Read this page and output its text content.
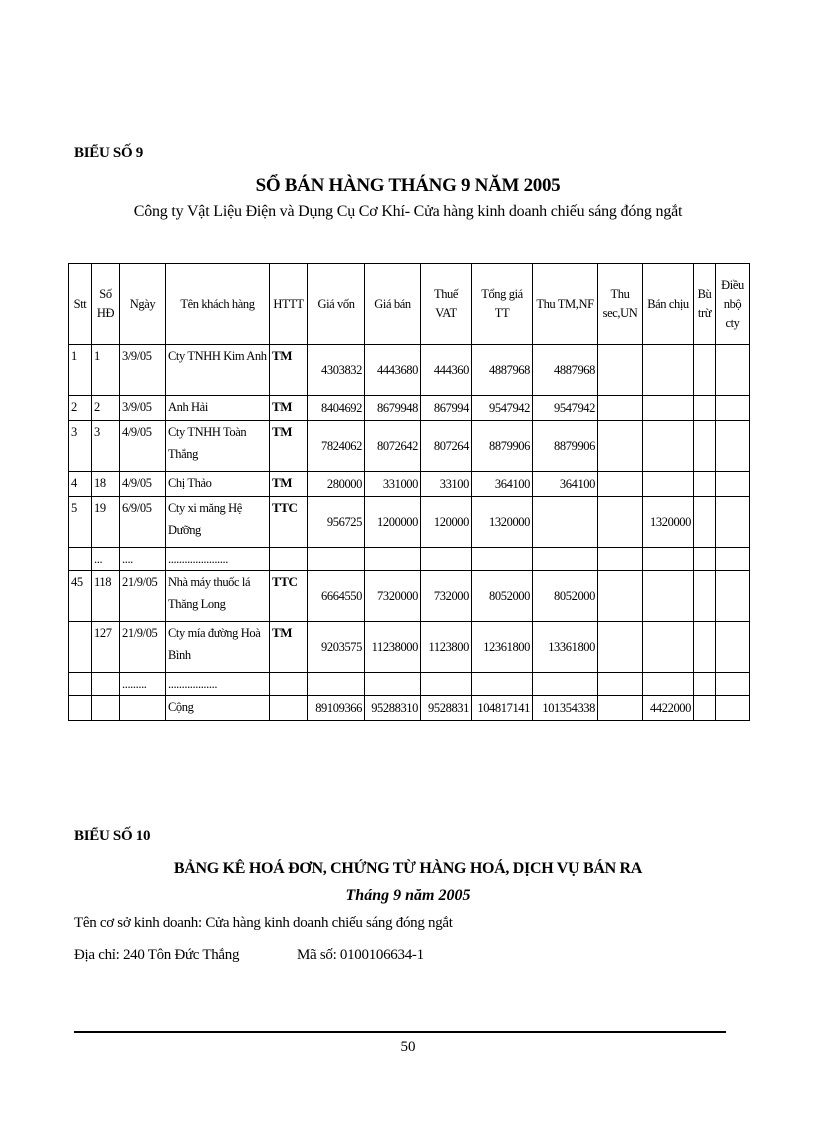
BIỂU SỐ 9
SỔ BÁN HÀNG THÁNG 9 NĂM 2005
Công ty Vật Liệu Điện và Dụng Cụ Cơ Khí- Cửa hàng kinh doanh chiếu sáng đóng ngắt
Stt	Số HĐ	Ngày	Tên khách hàng	HTTT	Giá vốn	Giá bán	Thuế VAT	Tổng giá TT	Thu TM,NF	Thu sec,UN	Bán chịu	Bù trừ	Điều nbộ cty
1	1	3/9/05	Cty TNHH Kim Anh	TM	4303832	4443680	444360	4887968	4887968				
2	2	3/9/05	Anh Hải	TM	8404692	8679948	867994	9547942	9547942				
3	3	4/9/05	Cty TNHH Toàn Thắng	TM	7824062	8072642	807264	8879906	8879906				
4	18	4/9/05	Chị Thảo	TM	280000	331000	33100	364100	364100				
5	19	6/9/05	Cty xi măng Hệ Dưỡng	TTC	956725	1200000	120000	1320000			1320000		
	...	....	......................										
45	118	21/9/05	Nhà máy thuốc lá Thăng Long	TTC	6664550	7320000	732000	8052000	8052000				
	127	21/9/05	Cty mía đường Hoà Bình	TM	9203575	11238000	1123800	12361800	13361800				
		.........	..................										
			Cộng		89109366	95288310	9528831	104817141	101354338		4422000		
BIỂU SỐ 10
BẢNG KÊ HOÁ ĐƠN, CHỨNG TỪ HÀNG HOÁ, DỊCH VỤ BÁN RA
Tháng 9 năm 2005
Tên cơ sở kinh doanh: Cửa hàng kinh doanh chiếu sáng đóng ngắt
Địa chỉ: 240 Tôn Đức Thắng	Mã số: 0100106634-1
50
